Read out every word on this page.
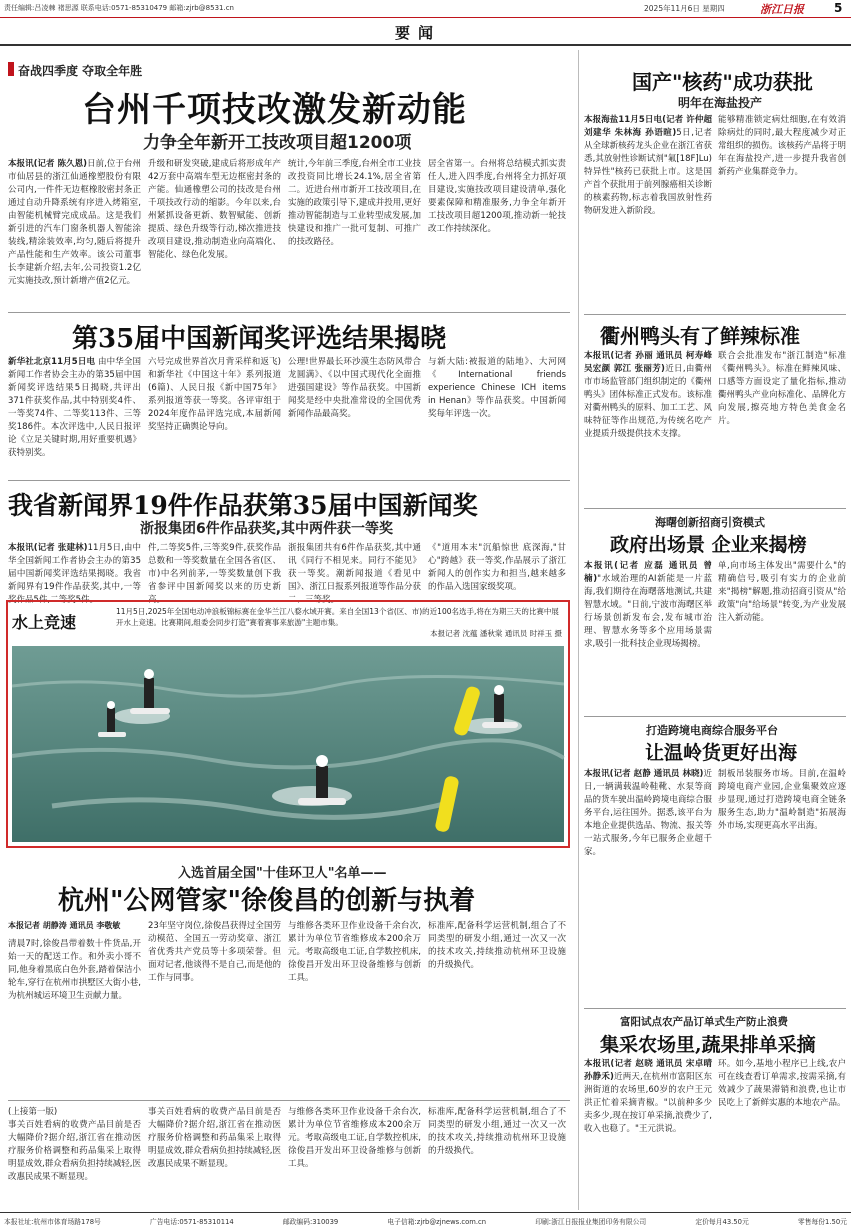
责任编辑:吕凌棘 褚思源 联系电话:0571-85310479 邮箱:zjrb@8531.cn	2025年11月6日 星期四	浙江日报	5
要闻
奋战四季度 夺取全年胜
台州千项技改激发新动能
力争全年新开工技改项目超1200项
本报讯(记者 陈久恩)日前,位于台州市仙居县的浙江仙通橡塑股份有限公司内,一件件无边框橡胶密封条正通过自动升降系统有序进入烤箱室,由智能机械臂完成成品。这是我们新引进的汽车门窗条机器人智能涂装线,精涂装效率,均匀,随后将提升产品性能和生产效率。该公司董事长李建新介绍,去年,公司投资1.2亿元实施技改,预计新增产值2亿元。
升级和研发突破,建成后将形成年产42万套中高端车型无边框密封条的产能。仙通橡塑公司的技改是台州千项技改行动的缩影。今年以来,台州紧抓设备更新、数智赋能、创新提质、绿色升级等行动,梯次推进技改项目建设,推动制造业向高端化、智能化、绿色化发展。
统计,今年前三季度,台州全市工业技改投资同比增长24.1%,居全省第二。近进台州市新开工技改项目,在实施的政策引导下,建成并投用,更好推动智能制造与工业转型成发展,加快建设和推广一批可复制、可推广的技改路径。
居全省第一。台州将总结模式抓实责任人,进入四季度,台州将全力抓好项目建设,实施技改项目建设清单,强化要素保障和精准服务,力争全年新开工技改项目超1200项,推动新一轮技改工作持续深化。
第35届中国新闻奖评选结果揭晓
新华社北京11月5日电 由中华全国新闻工作者协会主办的第35届中国新闻奖评选结果5日揭晓,共评出371件获奖作品,其中特别奖4件、一等奖74件、二等奖113件、三等奖186件。本次评选中,人民日报评论《立足关键时期,用好重要机遇》获特别奖。
六号完成世界首次月背采样和返飞)和新华社《中国这十年》系列报道(6篇)、人民日报《新中国75年》系列报道等获一等奖。各评审组于2024年度作品评选完成,本届新闻奖坚持正确舆论导向。
公理!世界最长环沙漠生态防风带合龙圆满》、《以中国式现代化全面推进强国建设》等作品获奖。中国新闻奖是经中央批准常设的全国优秀新闻作品最高奖。
与新大陆:被报道的陆地》、大河网《International friends experience Chinese ICH items in Henan》等作品获奖。中国新闻奖每年评选一次。
我省新闻界19件作品获第35届中国新闻奖
浙报集团6件作品获奖,其中两件获一等奖
本报讯(记者 张建林)11月5日,由中华全国新闻工作者协会主办的第35届中国新闻奖评选结果揭晓。我省新闻界有19件作品获奖,其中,一等奖作品5件,二等奖5件。
件,二等奖5件,三等奖9件,获奖作品总数和一等奖数量在全国各省(区、市)中名列前茅,一等奖数量创下我省参评中国新闻奖以来的历史新高。
浙报集团共有6件作品获奖,其中通讯《同行不相见来。同行不能见》获一等奖。潮新闻报道《看见中国》、浙江日报系列报道等作品分获二、三等奖。
《"道用本末"沉船惊世 底深海,"甘心"跨越》获一等奖,作品展示了浙江新闻人的创作实力和担当,越来越多的作品入选国家级奖项。
水上竞速
11月5日,2025年全国电动冲浪板锦标赛在金华兰江八婺水域开赛。来自全国13个省(区、市)的近100名选手,将在为期三天的比赛中展开水上竞速。比赛期间,组委会同步打造"赛着赛事来旅游"主题市集。
本报记者 沈蕴 潘秋棠 通讯员 时祥玉 摄
入选首届全国"十佳环卫人"名单——
杭州"公网管家"徐俊昌的创新与执着
本报记者 胡静涛 通讯员 李敬敏
清晨7时,徐俊昌带着数十件货品,开始一天的配送工作。和外卖小哥不同,他身着黑底白色外套,踏着保洁小轮车,穿行在杭州市拱墅区大街小巷,为杭州城运环境卫生贡献力量。
23年坚守岗位,徐俊昌获得过全国劳动模范、全国五一劳动奖章、浙江省优秀共产党员等十多项荣誉。但面对记者,他谈得不是自己,而是他的工作与同事。
与维修各类环卫作业设备千余台次,累计为单位节省维修成本200余万元。考取高级电工证,自学数控机床,徐俊昌开发出环卫设备维修与创新工具。
标准库,配备科学运营机制,组合了不同类型的研发小组,通过一次又一次的技术攻关,持续推动杭州环卫设施的升级换代。
(上接第一版)
事关百姓看病的收费产品目前是否大幅降价?据介绍,浙江省在推动医疗服务价格调整和药品集采上取得明显成效,群众看病负担持续减轻,医改惠民成果不断显现。
事关百姓看病的收费产品目前是否大幅降价?据介绍,浙江省在推动医疗服务价格调整和药品集采上取得明显成效,群众看病负担持续减轻,医改惠民成果不断显现。
与维修各类环卫作业设备千余台次,累计为单位节省维修成本200余万元。考取高级电工证,自学数控机床,徐俊昌开发出环卫设备维修与创新工具。
标准库,配备科学运营机制,组合了不同类型的研发小组,通过一次又一次的技术攻关,持续推动杭州环卫设施的升级换代。
国产"核药"成功获批
明年在海盐投产
本报海盐11月5日电(记者 许仲超 刘建华 朱林海 孙语暄)5日,记者从全球新核药龙头企业在浙江省获悉,其放射性诊断试剂"氟[18F]Lu)特异性"核药已获批上市。这是国产首个获批用于前列腺癌相关诊断的核素药物,标志着我国放射性药物研发进入新阶段。
能够精准锁定病灶细胞,在有效消除病灶的同时,最大程度减少对正常组织的损伤。该核药产品将于明年在海盐投产,进一步提升我省创新药产业集群竞争力。
衢州鸭头有了鲜辣标准
本报讯(记者 孙丽 通讯员 柯寿峰 吴宏颜 郭江 张丽芳)近日,由衢州市市场监管部门组织制定的《衢州鸭头》团体标准正式发布。该标准对衢州鸭头的原料、加工工艺、风味特征等作出规范,为传统名吃产业提质升级提供技术支撑。
联合会批准发布"浙江制造"标准《衢州鸭头》。标准在鲜辣风味、口感等方面设定了量化指标,推动衢州鸭头产业向标准化、品牌化方向发展,擦亮地方特色美食金名片。
海曙创新招商引资模式
政府出场景 企业来揭榜
本报讯(记者 应磊 通讯员 曾楠)"水域治理的AI新能是一片蓝海,我们期待在海曙落地测试,共建智慧水域。"日前,宁波市海曙区举行场景创新发布会,发布城市治理、智慧水务等多个应用场景需求,吸引一批科技企业现场揭榜。
单,向市场主体发出"需要什么"的精确信号,吸引有实力的企业前来"揭榜"解题,推动招商引资从"给政策"向"给场景"转变,为产业发展注入新动能。
打造跨境电商综合服务平台
让温岭货更好出海
本报讯(记者 赵静 通讯员 林晓)近日,一辆满载温岭鞋靴、水泵等商品的货车驶出温岭跨境电商综合服务平台,运往国外。据悉,该平台为本地企业提供选品、物流、报关等一站式服务,今年已服务企业超千家。
制板吊装服务市场。目前,在温岭跨境电商产业园,企业集聚效应逐步显现,通过打造跨境电商全链条服务生态,助力"温岭制造"拓展海外市场,实现更高水平出海。
富阳试点农产品订单式生产防止浪费
集采农场里,蔬果排单采摘
本报讯(记者 赵晓 通讯员 宋卓晴 孙静禾)近两天,在杭州市富阳区东洲街道的农场里,60岁的农户王元洪正忙着采摘青椒。"以前种多少卖多少,现在按订单采摘,浪费少了,收入也稳了。"王元洪说。
环。如今,基地小程序已上线,农户可在线查看订单需求,按需采摘,有效减少了蔬果滞销和浪费,也让市民吃上了新鲜实惠的本地农产品。
本报社址:杭州市体育场路178号	广告电话:0571-85310114	邮政编码:310039	电子信箱:zjrb@zjnews.com.cn	印刷:浙江日报报业集团印务有限公司	定价每月43.50元	零售每份1.50元
